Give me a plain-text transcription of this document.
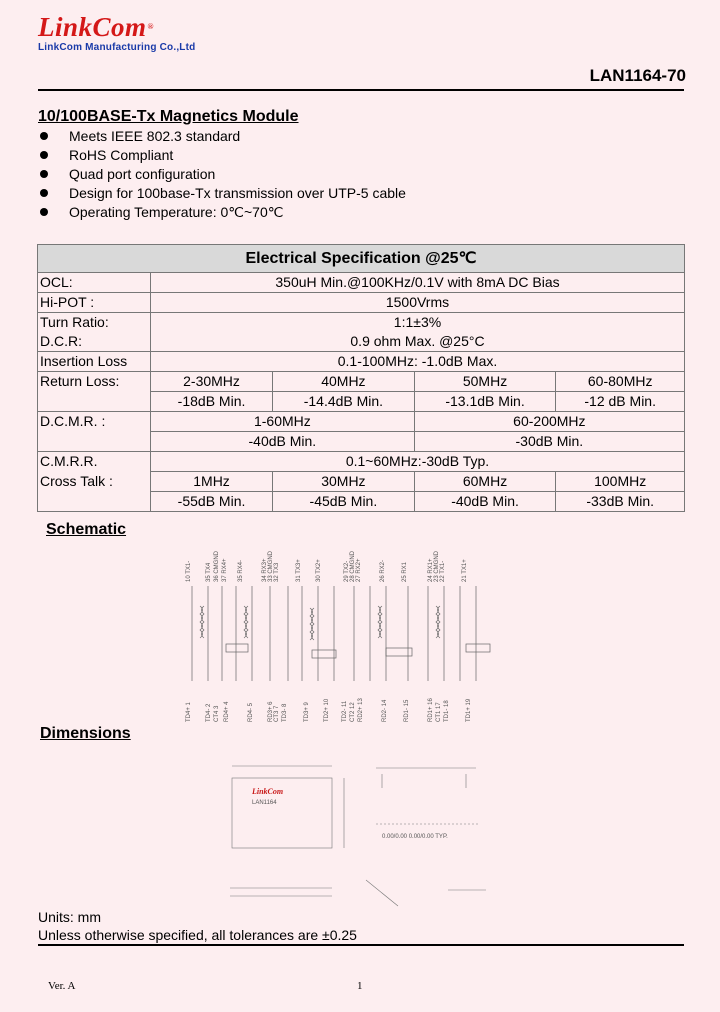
LinkCom®
LinkCom Manufacturing Co.,Ltd
LAN1164-70
10/100BASE-Tx Magnetics Module
Meets IEEE 802.3 standard
RoHS Compliant
Quad port configuration
Design for 100base-Tx transmission over UTP-5 cable
Operating Temperature: 0℃~70℃
Electrical Specification @25℃				
OCL:	350uH Min.@100KHz/0.1V with 8mA DC Bias			
Hi-POT :	1500Vrms			
Turn Ratio:	1:1±3%			
D.C.R:	0.9 ohm Max. @25°C			
Insertion Loss	0.1-100MHz: -1.0dB Max.			
Return Loss:	2-30MHz	40MHz	50MHz	60-80MHz
	-18dB Min.	-14.4dB Min.	-13.1dB Min.	-12 dB Min.
D.C.M.R. :	1-60MHz		60-200MHz	
	-40dB Min.		-30dB Min.	
C.M.R.R.	0.1~60MHz:-30dB Typ.			
Cross Talk :	1MHz	30MHz	60MHz	100MHz
	-55dB Min.	-45dB Min.	-40dB Min.	-33dB Min.
Schematic
10 TX1- 35 TX4 36 CMGND 37 RX4+ 35 RX4-	34 RX3+ 33 CMGND 32 TX3	31 TX3+ 30 TX2+	29 TX2- 28 CMGND 27 RX2+	26 RX2-	25 RX1	24 RX1+ 23 CMGND 22 TX1-	21 TX1+
TD4+ 1 TD4- 2 CT4 3 RD4+ 4	RD4- 5 RD3+ 6 CT3 7 TD3- 8	TD3+ 9 TD2+ 10 TD2- 11 CT2 12 RD2+ 13	RD2- 14	RD1- 15	RD1+ 16 CT1 17 TD1- 18	TD1+ 19
Dimensions
LinkCom
LAN1164
0.00/0.00 0.00/0.00 TYP.
Units: mm
Unless otherwise specified, all tolerances are ±0.25
Ver. A	1
